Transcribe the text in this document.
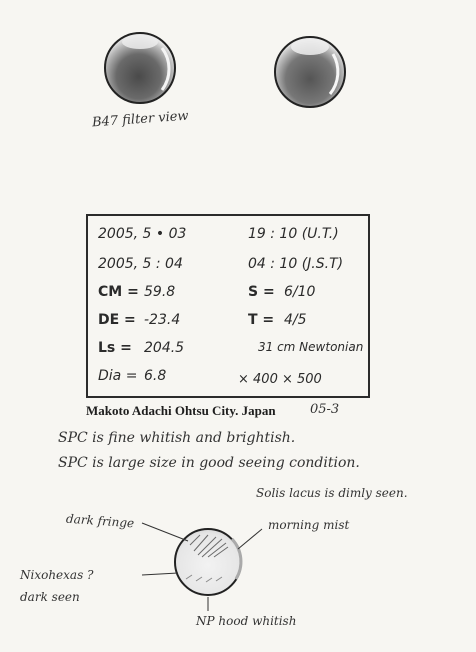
B47 filter view
2005, 5 • 03	19 : 10 (U.T.)
2005, 5 : 04	04 : 10 (J.S.T)
CM = 59.8	S = 6/10
DE = -23.4	T = 4/5
Ls = 204.5	31 cm Newtonian
Dia = 6.8	× 400 × 500
Makoto Adachi Ohtsu City. Japan	05-3
SPC is fine whitish and brightish.
SPC is large size in good seeing condition.
Solis lacus is dimly seen.
dark fringe	morning mist
Nixohexas ?
dark seen
NP hood whitish
